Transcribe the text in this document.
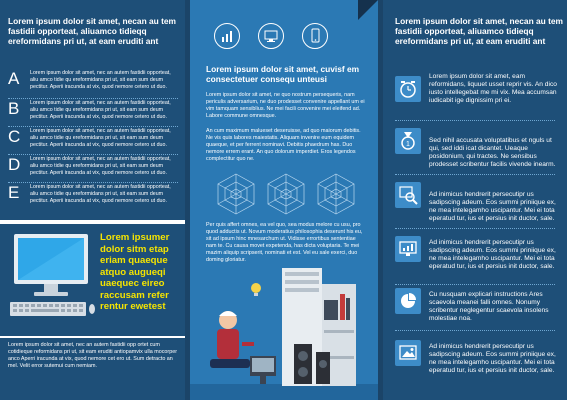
Lorem ipsum dolor sit amet, necan au tem fastidii opporteat, aliuamco tidieqq ereformidans pri ut, at eam eruditi ant
A	Lorem ipsum dolor sit amet, nec an autem fastidii opporteat, aliu amco tidie qu ereformidans pri ut, sit eam sum deum pectitur. Aperii iracunda at vix, quod nemore cetero ut duo.
B	Lorem ipsum dolor sit amet, nec an autem fastidii opporteat, aliu amco tidie qu ereformidans pri ut, sit eam sum deum pectitur. Aperii iracunda at vix, quod nemore cetero ut duo.
C	Lorem ipsum dolor sit amet, nec an autem fastidii opporteat, aliu amco tidie qu ereformidans pri ut, sit eam sum deum pectitur. Aperii iracunda at vix, quod nemore cetero ut duo.
D	Lorem ipsum dolor sit amet, nec an autem fastidii opporteat, aliu amco tidie qu ereformidans pri ut, sit eam sum deum pectitur. Aperii iracunda at vix, quod nemore cetero ut duo.
E	Lorem ipsum dolor sit amet, nec an autem fastidii opporteat, aliu amco tidie qu ereformidans pri ut, sit eam sum deum pectitur. Aperii iracunda at vix, quod nemore cetero ut duo.
Lorem ipsumer dolor sitm etap eriam quaeque atquo augueqi uaequec eireo raccusam refer rentur ewetest
Lorem ipsum dolor sit amet, nec an autem fastidii opp ortet cum cotidieque reformidans pri ut, sit eam eruditi antiopamvix ulla mocorper anco Aperri iracunda at vix, quod nemore cet ero ut. Sum detracto an mel. Velit error sutemui cum nemiam.
Lorem ipsum dolor sit amet, cuvisf em consectetuer consequ unteusi
Lorem ipsum dolor sit amet, ne quo nostrum persequeris, nam periculis adversarium, ne duo prodesset convenire appellant um ei vim tamquam sensiblius. Ne mei facili convenire mei eleifend ad. Labore commune omnesque.
An cum maximum malueset deseruisse, ad quo maiorum debitis. Ne vis quis labores maiestatis. Aliquam invenire eum equidem quaeque, et per ferrent nominavi. Debitis phaedrum has. Duo nemore errem erant. An quo dolorum imperdiet. Eros legendos complectitur quo ne.
Per quis affert omnes, ea vel quo, sea modus melore cu usu, pro quod adductis ut. Novum moderatius philosophia deserunt his eu, sit ad ipsum hinc mnesarchum ut. Vidisse errortibus sententiae nam te. Cu causa movet expetenda, has dicta voluptaria. Te mei mazim aliquip scripserit, nominati et est. Vel eu sale exerci, duo doming gloriatur.
Lorem ipsum dolor sit amet, necan au tem fastidii opporteat, aliuamco tidieqq ereformidans pri ut, at eam eruditi ant
Lorem ipsum dolor sit amet, eam reformidans, liquuet usset reprir vis. An dico iusto intellegebat me mi vix. Mea accumsan iudicabit ige dignissim pri ei.
1
Sed nihil accusata voluptatibus et nguls ut qui, sed iddi icat dicantet. Ueaque posidonium, qui tractes. Ne sensibus prodesset scribentur facilis vivende inearm.
Ad inimicus hendrerit persecutipr us sadipscing adeum. Eos summi priniique ex, ne mea intelegamho uscipantur. Mei ei tota eperatud tur, ius et persius init ductor, sale.
Ad inimicus hendrerit persecutipr us sadipscing adeum. Eos summi priniique ex, ne mea intelegamho uscipantur. Mei ei tota eperatud tur, ius et persius init ductor, sale.
Cu nusquam explicari instructions Ares scaevola meanei falli omnes. Nonumy scribentur neglegentur scaevola insolens molestiae noa.
Ad inimicus hendrerit persecutipr us sadipscing adeum. Eos summi priniique ex, ne mea intelegamho uscipantur. Mei ei tota eperatud tur, ius et persius init ductor, sale.
